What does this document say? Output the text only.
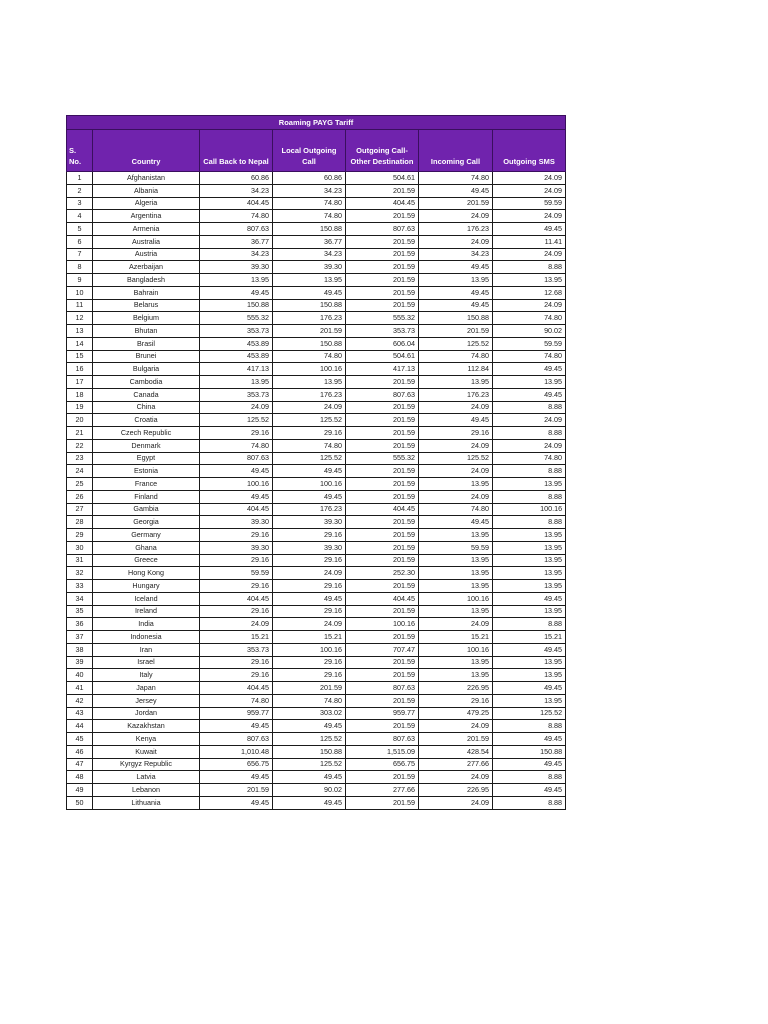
Roaming PAYG Tariff						
S. No.	Country	Call Back to Nepal	Local Outgoing Call	Outgoing Call- Other Destination	Incoming Call	Outgoing SMS
1	Afghanistan	60.86	60.86	504.61	74.80	24.09
2	Albania	34.23	34.23	201.59	49.45	24.09
3	Algeria	404.45	74.80	404.45	201.59	59.59
4	Argentina	74.80	74.80	201.59	24.09	24.09
5	Armenia	807.63	150.88	807.63	176.23	49.45
6	Australia	36.77	36.77	201.59	24.09	11.41
7	Austria	34.23	34.23	201.59	34.23	24.09
8	Azerbaijan	39.30	39.30	201.59	49.45	8.88
9	Bangladesh	13.95	13.95	201.59	13.95	13.95
10	Bahrain	49.45	49.45	201.59	49.45	12.68
11	Belarus	150.88	150.88	201.59	49.45	24.09
12	Belgium	555.32	176.23	555.32	150.88	74.80
13	Bhutan	353.73	201.59	353.73	201.59	90.02
14	Brasil	453.89	150.88	606.04	125.52	59.59
15	Brunei	453.89	74.80	504.61	74.80	74.80
16	Bulgaria	417.13	100.16	417.13	112.84	49.45
17	Cambodia	13.95	13.95	201.59	13.95	13.95
18	Canada	353.73	176.23	807.63	176.23	49.45
19	China	24.09	24.09	201.59	24.09	8.88
20	Croatia	125.52	125.52	201.59	49.45	24.09
21	Czech Republic	29.16	29.16	201.59	29.16	8.88
22	Denmark	74.80	74.80	201.59	24.09	24.09
23	Egypt	807.63	125.52	555.32	125.52	74.80
24	Estonia	49.45	49.45	201.59	24.09	8.88
25	France	100.16	100.16	201.59	13.95	13.95
26	Finland	49.45	49.45	201.59	24.09	8.88
27	Gambia	404.45	176.23	404.45	74.80	100.16
28	Georgia	39.30	39.30	201.59	49.45	8.88
29	Germany	29.16	29.16	201.59	13.95	13.95
30	Ghana	39.30	39.30	201.59	59.59	13.95
31	Greece	29.16	29.16	201.59	13.95	13.95
32	Hong Kong	59.59	24.09	252.30	13.95	13.95
33	Hungary	29.16	29.16	201.59	13.95	13.95
34	Iceland	404.45	49.45	404.45	100.16	49.45
35	Ireland	29.16	29.16	201.59	13.95	13.95
36	India	24.09	24.09	100.16	24.09	8.88
37	Indonesia	15.21	15.21	201.59	15.21	15.21
38	Iran	353.73	100.16	707.47	100.16	49.45
39	Israel	29.16	29.16	201.59	13.95	13.95
40	Italy	29.16	29.16	201.59	13.95	13.95
41	Japan	404.45	201.59	807.63	226.95	49.45
42	Jersey	74.80	74.80	201.59	29.16	13.95
43	Jordan	959.77	303.02	959.77	479.25	125.52
44	Kazakhstan	49.45	49.45	201.59	24.09	8.88
45	Kenya	807.63	125.52	807.63	201.59	49.45
46	Kuwait	1,010.48	150.88	1,515.09	428.54	150.88
47	Kyrgyz Republic	656.75	125.52	656.75	277.66	49.45
48	Latvia	49.45	49.45	201.59	24.09	8.88
49	Lebanon	201.59	90.02	277.66	226.95	49.45
50	Lithuania	49.45	49.45	201.59	24.09	8.88
